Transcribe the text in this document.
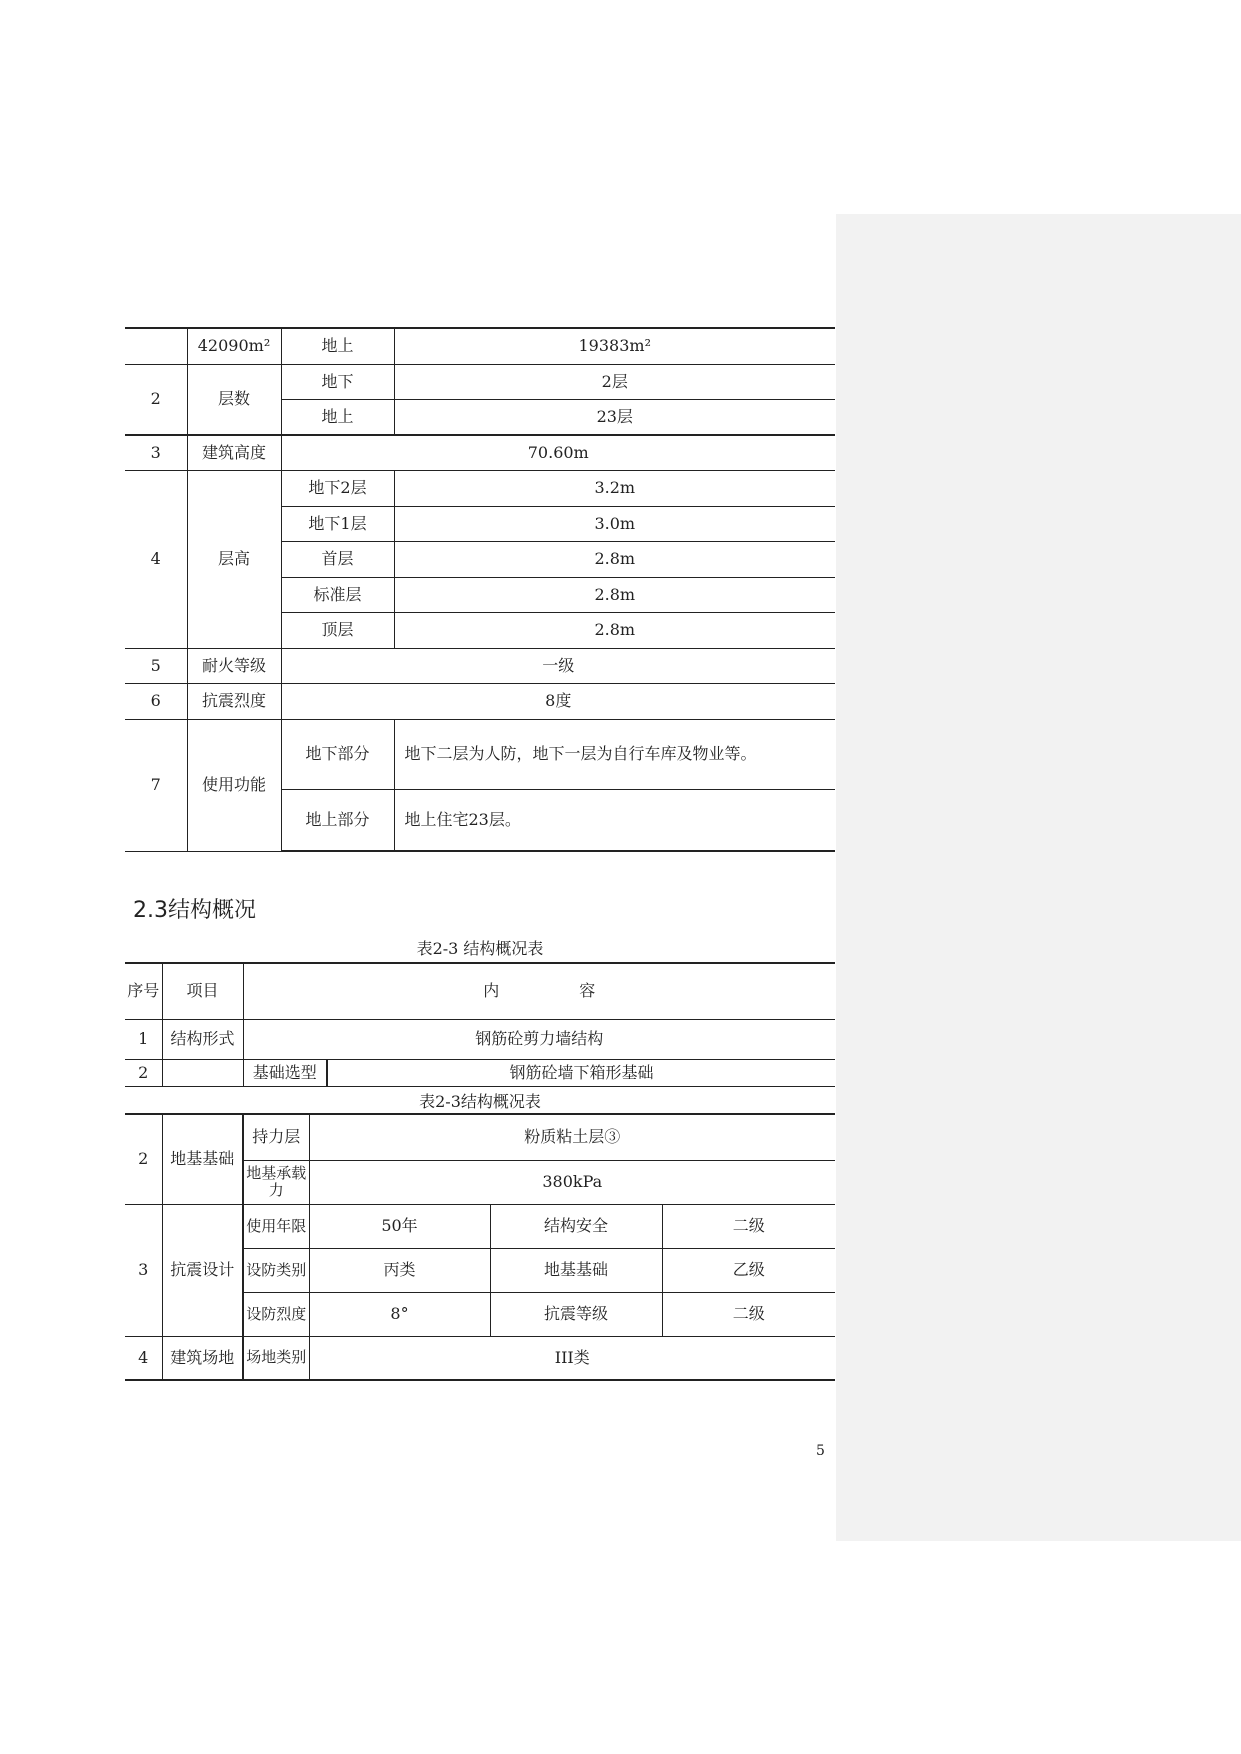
	42090m²	地上	19383m²
2	层数	地下	2层
		地上	23层
3	建筑高度	70.60m	
4	层高	地下2层	3.2m
		地下1层	3.0m
		首层	2.8m
		标准层	2.8m
		顶层	2.8m
5	耐火等级	一级	
6	抗震烈度	8度	
7	使用功能	地下部分	地下二层为人防，地下一层为自行车库及物业等。
		地上部分	地上住宅23层。
2.3结构概况
表2-3 结构概况表
序号	项目	内　　　　　容	
1	结构形式	钢筋砼剪力墙结构	
2		基础选型	钢筋砼墙下箱形基础
表2-3结构概况表
2	地基基础	持力层	粉质粘土层③		
		地基承载力	380kPa		
3	抗震设计	使用年限	50年	结构安全	二级
		设防类别	丙类	地基基础	乙级
		设防烈度	8°	抗震等级	二级
4	建筑场地	场地类别	III类		
5
